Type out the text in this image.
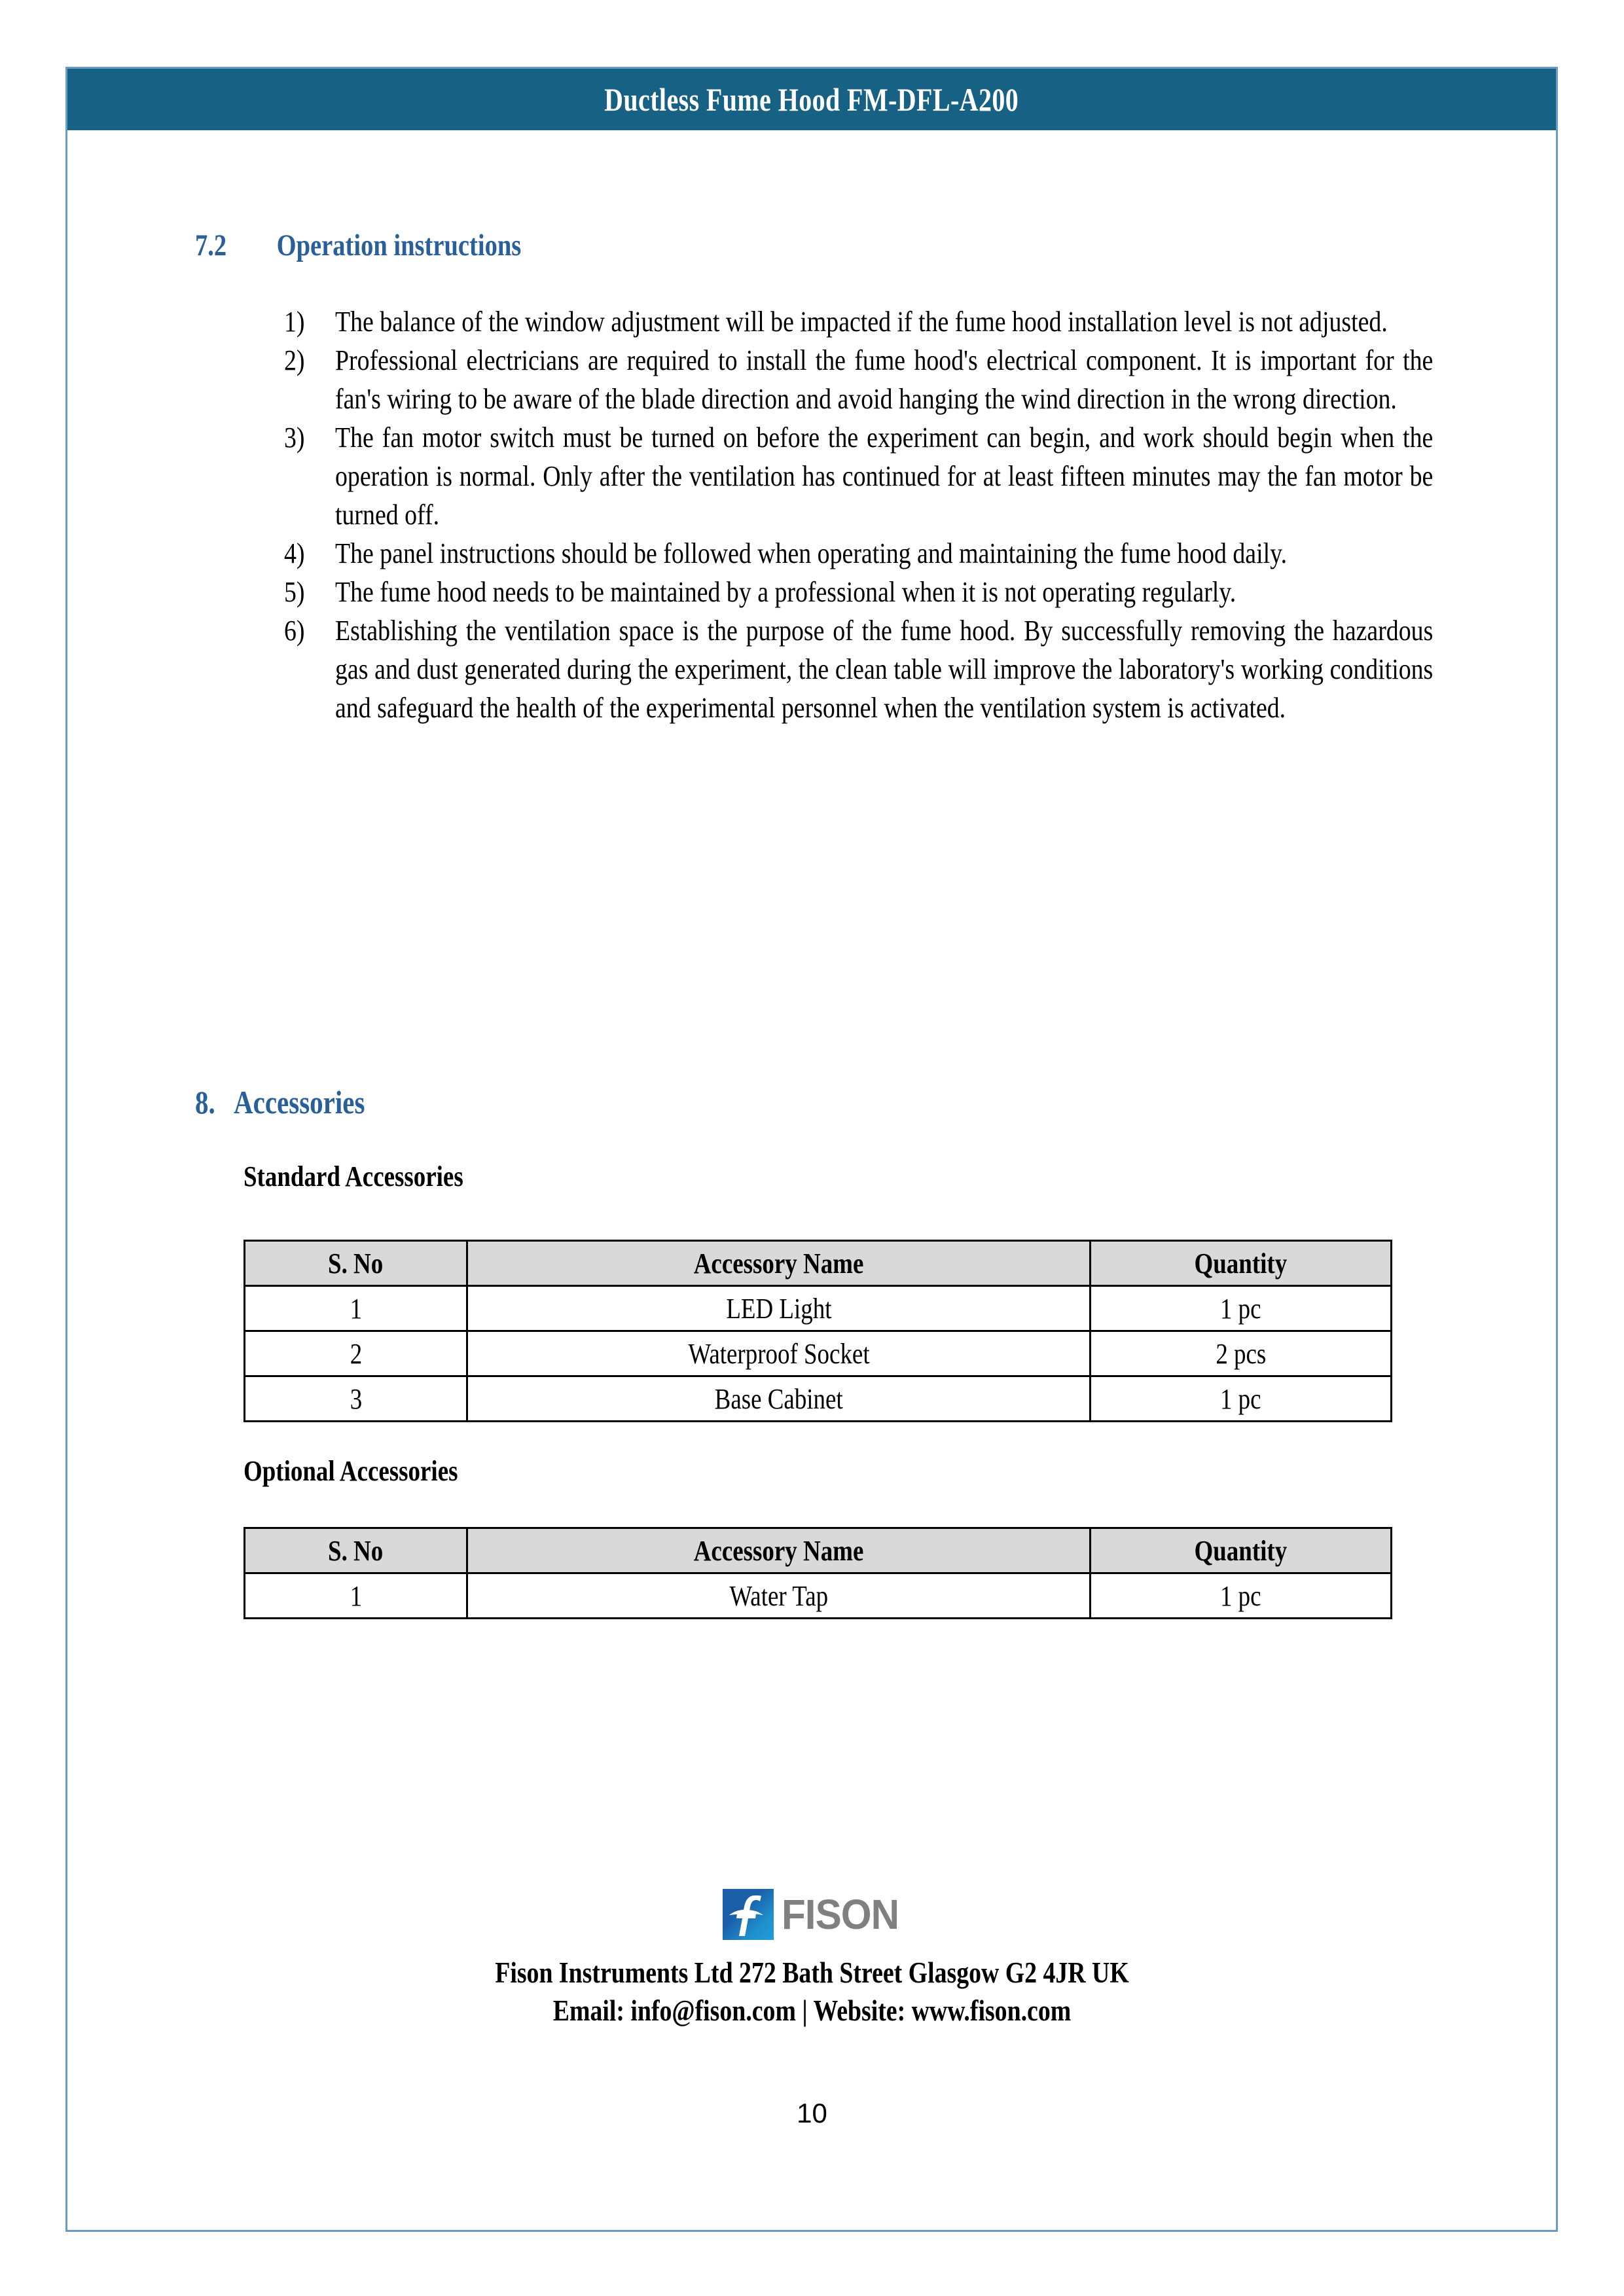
Ductless Fume Hood FM-DFL-A200
7.2 Operation instructions
1)	The balance of the window adjustment will be impacted if the fume hood installation level is not adjusted.
2)	Professional electricians are required to install the fume hood's electrical component. It is important for the fan's wiring to be aware of the blade direction and avoid hanging the wind direction in the wrong direction.
3)	The fan motor switch must be turned on before the experiment can begin, and work should begin when the operation is normal. Only after the ventilation has continued for at least fifteen minutes may the fan motor be turned off.
4)	The panel instructions should be followed when operating and maintaining the fume hood daily.
5)	The fume hood needs to be maintained by a professional when it is not operating regularly.
6)	Establishing the ventilation space is the purpose of the fume hood. By successfully removing the hazardous gas and dust generated during the experiment, the clean table will improve the laboratory's working conditions and safeguard the health of the experimental personnel when the ventilation system is activated.
8. Accessories
Standard Accessories
S. No	Accessory Name	Quantity
1	LED Light	1 pc
2	Waterproof Socket	2 pcs
3	Base Cabinet	1 pc
Optional Accessories
S. No	Accessory Name	Quantity
1	Water Tap	1 pc
FISON
Fison Instruments Ltd 272 Bath Street Glasgow G2 4JR UK
Email: info@fison.com | Website: www.fison.com
10
